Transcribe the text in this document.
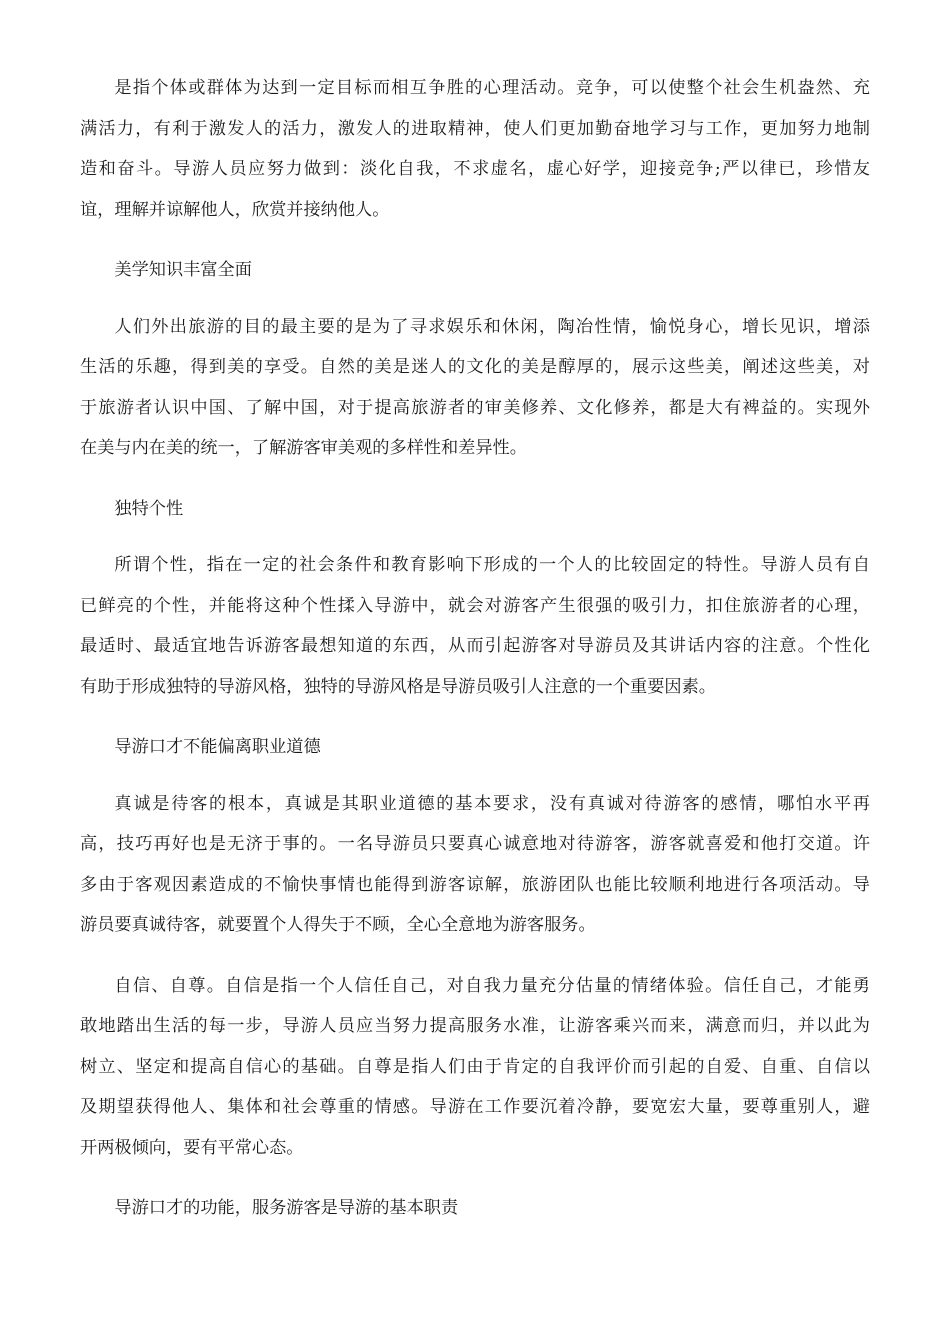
是指个体或群体为达到一定目标而相互争胜的心理活动。竞争，可以使整个社会生机盎然、充
满活力，有利于激发人的活力，激发人的进取精神，使人们更加勤奋地学习与工作，更加努力地制
造和奋斗。导游人员应努力做到：淡化自我，不求虚名，虚心好学，迎接竞争;严以律已，珍惜友
谊，理解并谅解他人，欣赏并接纳他人。

美学知识丰富全面

人们外出旅游的目的最主要的是为了寻求娱乐和休闲，陶冶性情，愉悦身心，增长见识，增添
生活的乐趣，得到美的享受。自然的美是迷人的文化的美是醇厚的，展示这些美，阐述这些美，对
于旅游者认识中国、了解中国，对于提高旅游者的审美修养、文化修养，都是大有裨益的。实现外
在美与内在美的统一，了解游客审美观的多样性和差异性。

独特个性

所谓个性，指在一定的社会条件和教育影响下形成的一个人的比较固定的特性。导游人员有自
已鲜亮的个性，并能将这种个性揉入导游中，就会对游客产生很强的吸引力，扣住旅游者的心理，
最适时、最适宜地告诉游客最想知道的东西，从而引起游客对导游员及其讲话内容的注意。个性化
有助于形成独特的导游风格，独特的导游风格是导游员吸引人注意的一个重要因素。

导游口才不能偏离职业道德

真诚是待客的根本，真诚是其职业道德的基本要求，没有真诚对待游客的感情，哪怕水平再
高，技巧再好也是无济于事的。一名导游员只要真心诚意地对待游客，游客就喜爱和他打交道。许
多由于客观因素造成的不愉快事情也能得到游客谅解，旅游团队也能比较顺利地进行各项活动。导
游员要真诚待客，就要置个人得失于不顾，全心全意地为游客服务。

自信、自尊。自信是指一个人信任自己，对自我力量充分估量的情绪体验。信任自己，才能勇
敢地踏出生活的每一步，导游人员应当努力提高服务水准，让游客乘兴而来，满意而归，并以此为
树立、坚定和提高自信心的基础。自尊是指人们由于肯定的自我评价而引起的自爱、自重、自信以
及期望获得他人、集体和社会尊重的情感。导游在工作要沉着冷静，要宽宏大量，要尊重别人，避
开两极倾向，要有平常心态。

导游口才的功能，服务游客是导游的基本职责
